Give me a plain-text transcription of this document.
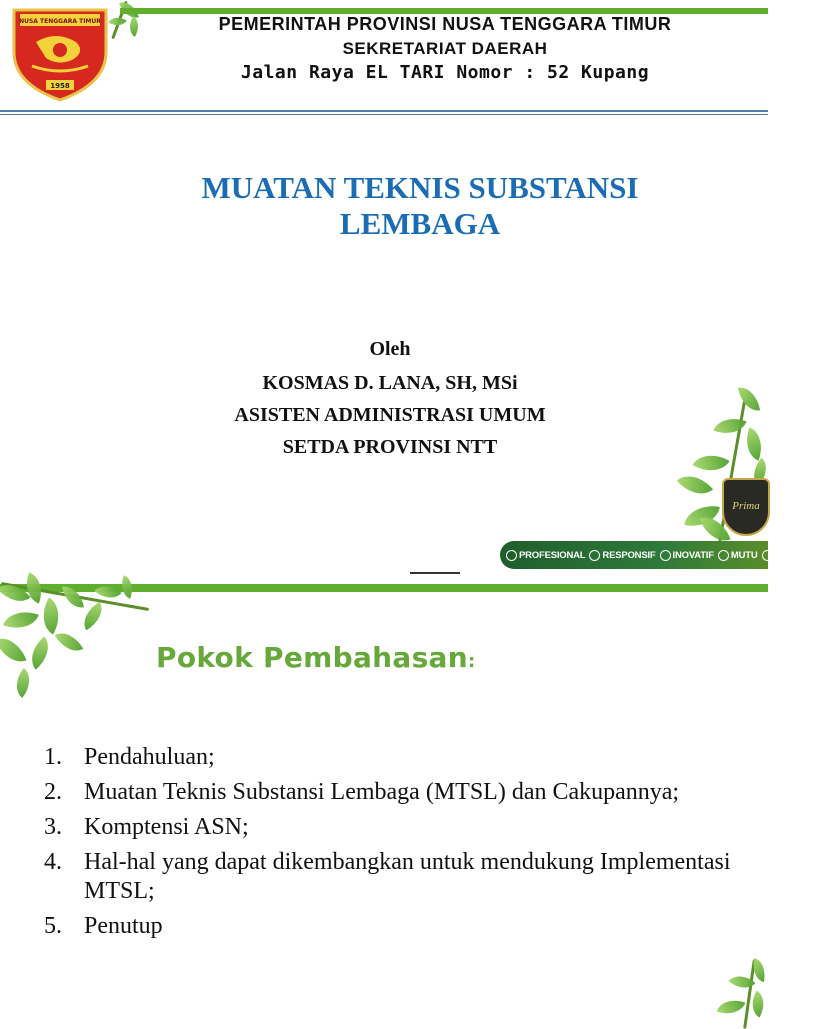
NUSA TENGGARA TIMUR
1958
PEMERINTAH PROVINSI NUSA TENGGARA TIMUR
SEKRETARIAT DAERAH
Jalan Raya EL TARI Nomor : 52 Kupang
MUATAN TEKNIS SUBSTANSI
LEMBAGA
Oleh
KOSMAS D. LANA, SH, MSi
ASISTEN ADMINISTRASI UMUM
SETDA PROVINSI NTT
Prima
PROFESIONAL RESPONSIF INOVATIF MUTU AKUNTABEL
Pokok Pembahasan:
1. Pendahuluan;
2. Muatan Teknis Substansi Lembaga (MTSL) dan Cakupannya;
3. Komptensi ASN;
4. Hal-hal yang dapat dikembangkan untuk mendukung Implementasi MTSL;
5. Penutup
